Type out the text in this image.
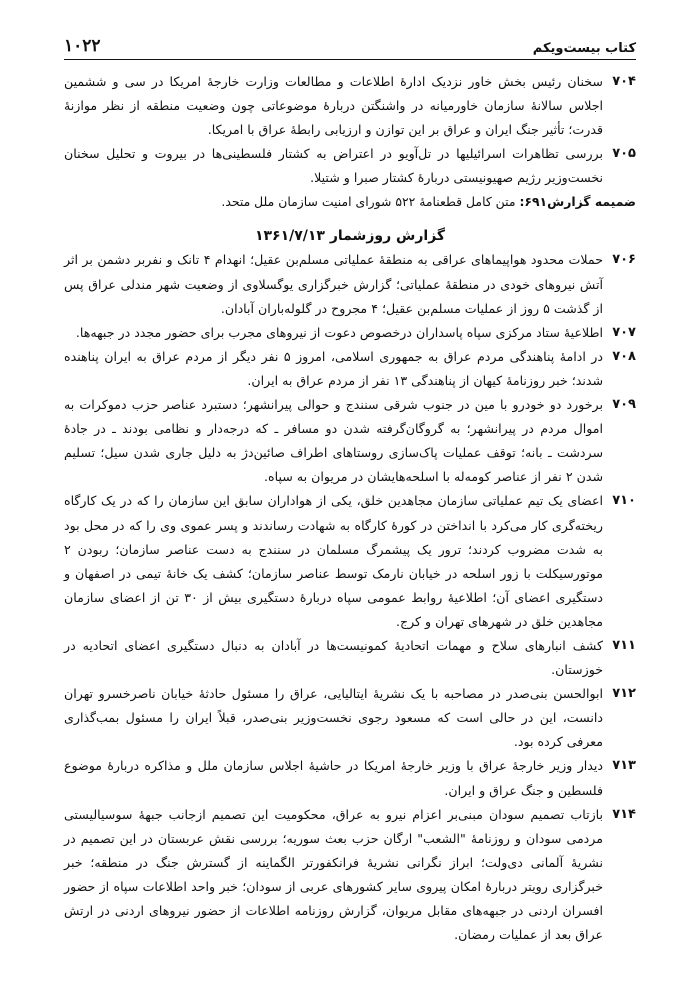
کتاب بیست‌ویکم
۱۰۲۲
۷۰۴
سخنان رئیس بخش خاور نزدیک ادارهٔ اطلاعات و مطالعات وزارت خارجهٔ امریکا در سی و ششمین اجلاس سالانهٔ سازمان خاورمیانه در واشنگتن دربارهٔ موضوعاتی چون وضعیت منطقه از نظر موازنهٔ قدرت؛ تأثیر جنگ ایران و عراق بر این توازن و ارزیابی رابطهٔ عراق با امریکا.
۷۰۵
بررسی تظاهرات اسرائیلیها در تل‌آویو در اعتراض به کشتار فلسطینی‌ها در بیروت و تحلیل سخنان نخست‌وزیر رژیم صهیونیستی دربارهٔ کشتار صبرا و شتیلا.
ضمیمه گزارش۶۹۱: متن کامل قطعنامهٔ ۵۲۲ شورای امنیت سازمان ملل متحد.
گزارش روزشمار ۱۳۶۱/۷/۱۳
۷۰۶
حملات محدود هواپیماهای عراقی به منطقهٔ عملیاتی مسلم‌بن عقیل؛ انهدام ۴ تانک و نفربر دشمن بر اثر آتش نیروهای خودی در منطقهٔ عملیاتی؛ گزارش خبرگزاری یوگسلاوی از وضعیت شهر مندلی عراق پس از گذشت ۵ روز از عملیات مسلم‌بن عقیل؛ ۴ مجروح در گلوله‌باران آبادان.
۷۰۷
اطلاعیهٔ ستاد مرکزی سپاه پاسداران درخصوص دعوت از نیروهای مجرب برای حضور مجدد در جبهه‌ها.
۷۰۸
در ادامهٔ پناهندگی مردم عراق به جمهوری اسلامی، امروز ۵ نفر دیگر از مردم عراق به ایران پناهنده شدند؛ خبر روزنامهٔ کیهان از پناهندگی ۱۳ نفر از مردم عراق به ایران.
۷۰۹
برخورد دو خودرو با مین در جنوب شرقی سنندج و حوالی پیرانشهر؛ دستبرد عناصر حزب دموکرات به اموال مردم در پیرانشهر؛ به گروگان‌گرفته شدن دو مسافر ـ که درجه‌دار و نظامی بودند ـ در جادهٔ سردشت ـ بانه؛ توقف عملیات پاک‌سازی روستاهای اطراف صائین‌دژ به دلیل جاری شدن سیل؛ تسلیم شدن ۲ نفر از عناصر کومه‌له با اسلحه‌هایشان در مریوان به سپاه.
۷۱۰
اعضای یک تیم عملیاتی سازمان مجاهدین خلق، یکی از هواداران سابق این سازمان را که در یک کارگاه ریخته‌گری کار می‌کرد با انداختن در کورهٔ کارگاه به شهادت رساندند و پسر عموی وی را که در محل بود به شدت مضروب کردند؛ ترور یک پیشمرگ مسلمان در سنندج به دست عناصر سازمان؛ ربودن ۲ موتورسیکلت با زور اسلحه در خیابان نارمک توسط عناصر سازمان؛ کشف یک خانهٔ تیمی در اصفهان و دستگیری اعضای آن؛ اطلاعیهٔ روابط عمومی سپاه دربارهٔ دستگیری بیش از ۳۰ تن از اعضای سازمان مجاهدین خلق در شهرهای تهران و کرج.
۷۱۱
کشف انبارهای سلاح و مهمات اتحادیهٔ کمونیست‌ها در آبادان به دنبال دستگیری اعضای اتحادیه در خوزستان.
۷۱۲
ابوالحسن بنی‌صدر در مصاحبه با یک نشریهٔ ایتالیایی، عراق را مسئول حادثهٔ خیابان ناصرخسرو تهران دانست، این در حالی است که مسعود رجوی نخست‌وزیر بنی‌صدر، قبلاً ایران را مسئول بمب‌گذاری معرفی کرده بود.
۷۱۳
دیدار وزیر خارجهٔ عراق با وزیر خارجهٔ امریکا در حاشیهٔ اجلاس سازمان ملل و مذاکره دربارهٔ موضوع فلسطین و جنگ عراق و ایران.
۷۱۴
بازتاب تصمیم سودان مبنی‌بر اعزام نیرو به عراق، محکومیت این تصمیم ازجانب جبههٔ سوسیالیستی مردمی سودان و روزنامهٔ "الشعب" ارگان حزب بعث سوریه؛ بررسی نقش عربستان در این تصمیم در نشریهٔ آلمانی دی‌ولت؛ ابراز نگرانی نشریهٔ فرانکفورتر الگماینه از گسترش جنگ در منطقه؛ خبر خبرگزاری رویتر دربارهٔ امکان پیروی سایر کشورهای عربی از سودان؛ خبر واحد اطلاعات سپاه از حضور افسران اردنی در جبهه‌های مقابل مریوان، گزارش روزنامه اطلاعات از حضور نیروهای اردنی در ارتش عراق بعد از عملیات رمضان.
